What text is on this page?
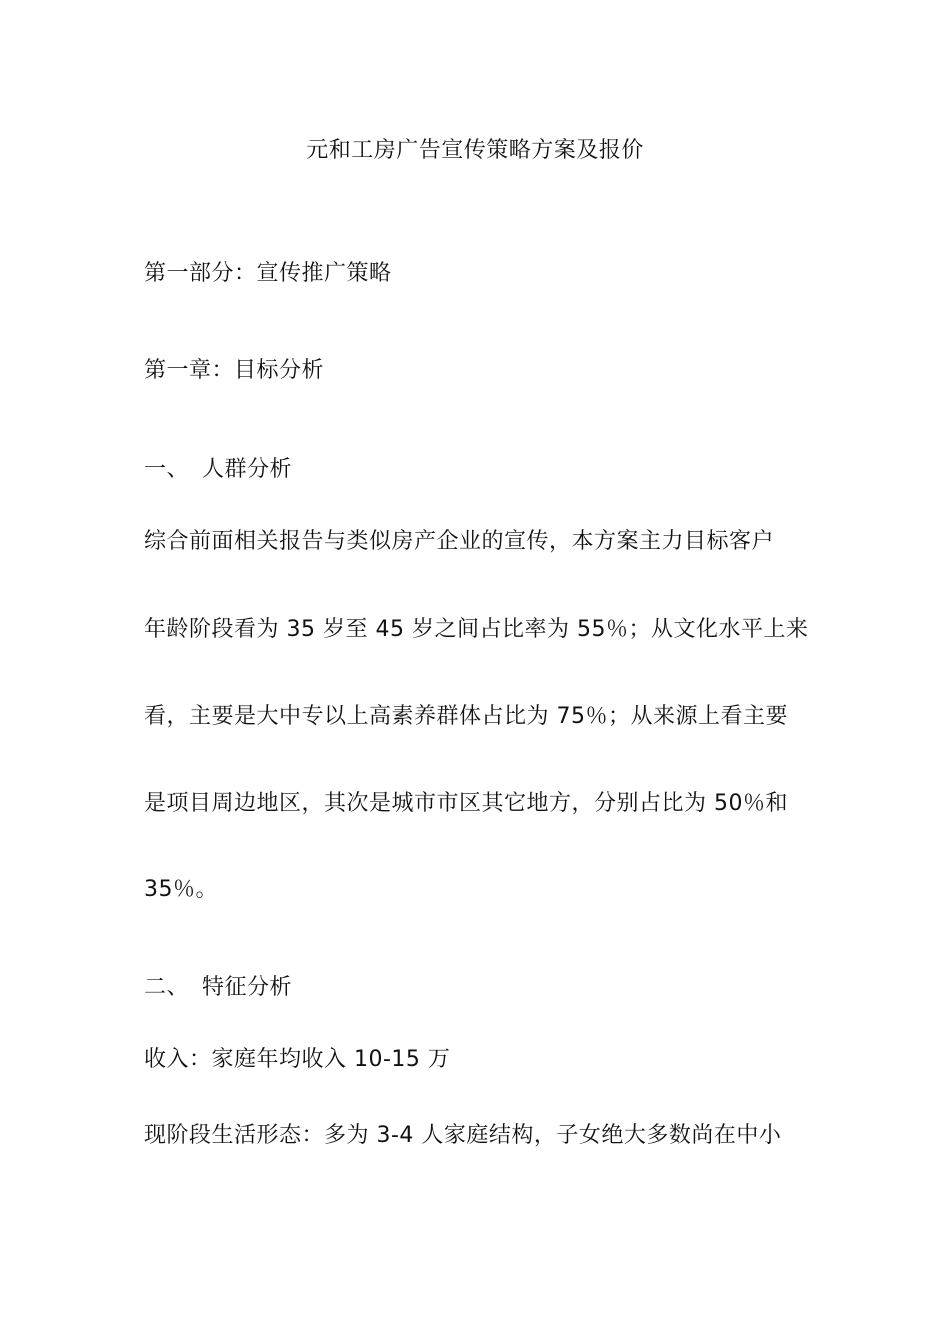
元和工房广告宣传策略方案及报价
第一部分：宣传推广策略
第一章：目标分析
一、 人群分析
综合前面相关报告与类似房产企业的宣传，本方案主力目标客户
年龄阶段看为 35 岁至 45 岁之间占比率为 55％；从文化水平上来
看，主要是大中专以上高素养群体占比为 75％；从来源上看主要
是项目周边地区，其次是城市市区其它地方，分别占比为 50％和
35％。
二、 特征分析
收入：家庭年均收入 10-15 万
现阶段生活形态：多为 3-4 人家庭结构，子女绝大多数尚在中小
